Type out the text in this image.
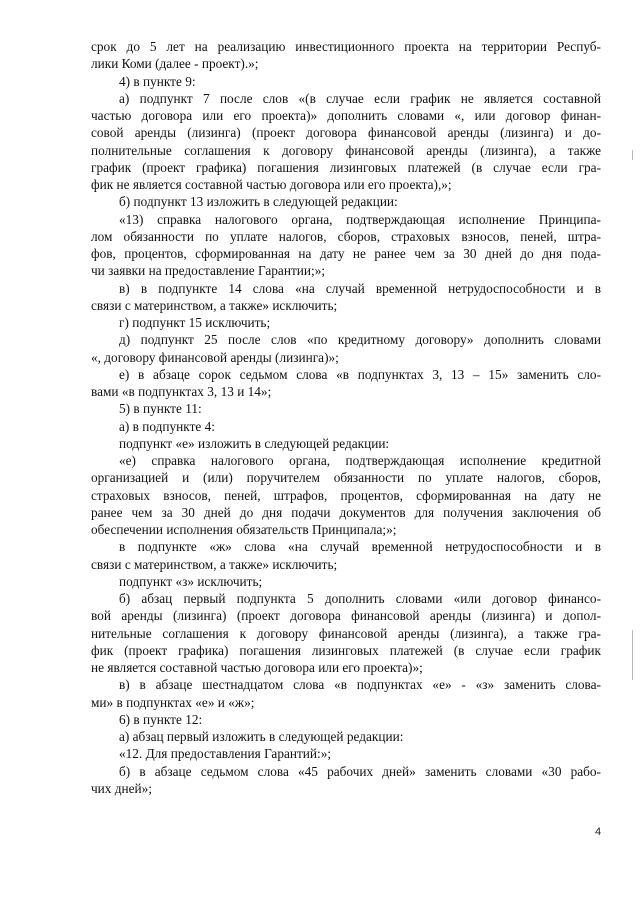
срок до 5 лет на реализацию инвестиционного проекта на территории Респуб-
лики Коми (далее - проект).»;
4) в пункте 9:
а) подпункт 7 после слов «(в случае если график не является составной
частью договора или его проекта)» дополнить словами «, или договор финан-
совой аренды (лизинга) (проект договора финансовой аренды (лизинга) и до-
полнительные соглашения к договору финансовой аренды (лизинга), а также
график (проект графика) погашения лизинговых платежей (в случае если гра-
фик не является составной частью договора или его проекта),»;
б) подпункт 13 изложить в следующей редакции:
«13) справка налогового органа, подтверждающая исполнение Принципа-
лом обязанности по уплате налогов, сборов, страховых взносов, пеней, штра-
фов, процентов, сформированная на дату не ранее чем за 30 дней до дня пода-
чи заявки на предоставление Гарантии;»;
в) в подпункте 14 слова «на случай временной нетрудоспособности и в
связи с материнством, а также» исключить;
г) подпункт 15 исключить;
д) подпункт 25 после слов «по кредитному договору» дополнить словами
«, договору финансовой аренды (лизинга)»;
е) в абзаце сорок седьмом слова «в подпунктах 3, 13 – 15» заменить сло-
вами «в подпунктах 3, 13 и 14»;
5) в пункте 11:
а) в подпункте 4:
подпункт «е» изложить в следующей редакции:
«е) справка налогового органа, подтверждающая исполнение кредитной
организацией и (или) поручителем обязанности по уплате налогов, сборов,
страховых взносов, пеней, штрафов, процентов, сформированная на дату не
ранее чем за 30 дней до дня подачи документов для получения заключения об
обеспечении исполнения обязательств Принципала;»;
в подпункте «ж» слова «на случай временной нетрудоспособности и в
связи с материнством, а также» исключить;
подпункт «з» исключить;
б) абзац первый подпункта 5 дополнить словами «или договор финансо-
вой аренды (лизинга) (проект договора финансовой аренды (лизинга) и допол-
нительные соглашения к договору финансовой аренды (лизинга), а также гра-
фик (проект графика) погашения лизинговых платежей (в случае если график
не является составной частью договора или его проекта)»;
в) в абзаце шестнадцатом слова «в подпунктах «е» - «з» заменить слова-
ми» в подпунктах «е» и «ж»;
6) в пункте 12:
а) абзац первый изложить в следующей редакции:
«12. Для предоставления Гарантий:»;
б) в абзаце седьмом слова «45 рабочих дней» заменить словами «30 рабо-
чих дней»;
4
